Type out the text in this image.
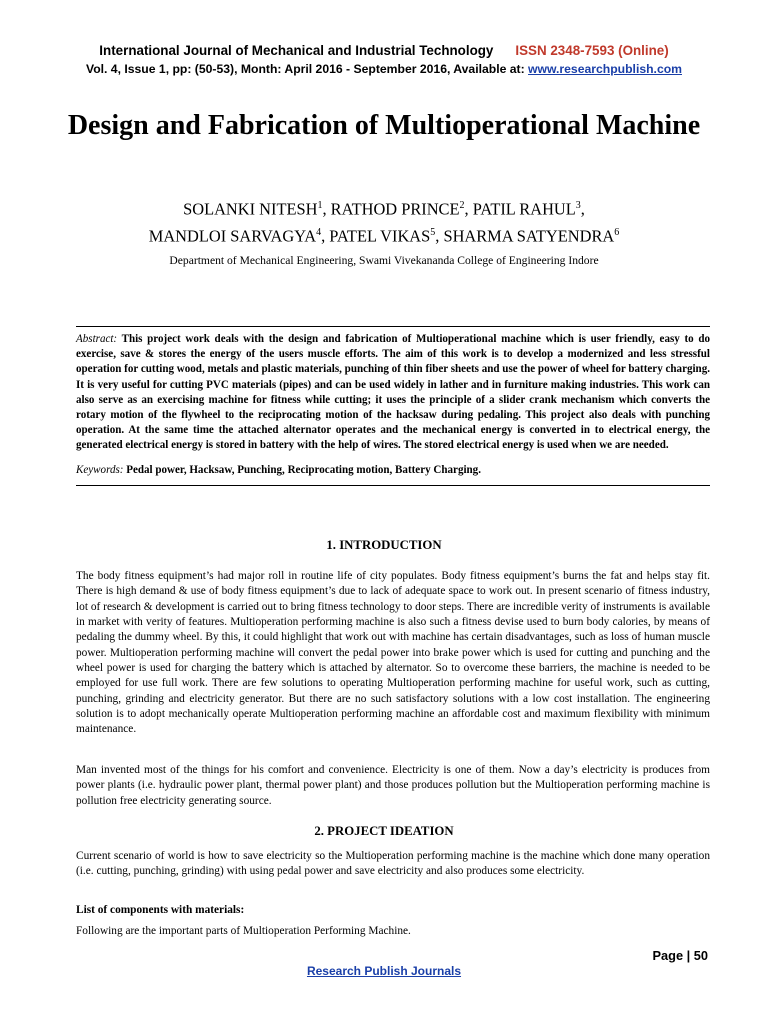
International Journal of Mechanical and Industrial Technology ISSN 2348-7593 (Online)
Vol. 4, Issue 1, pp: (50-53), Month: April 2016 - September 2016, Available at: www.researchpublish.com
Design and Fabrication of Multioperational Machine
SOLANKI NITESH$^1$, RATHOD PRINCE$^2$, PATIL RAHUL$^3$,
MANDLOI SARVAGYA$^4$, PATEL VIKAS$^5$, SHARMA SATYENDRA$^6$
Department of Mechanical Engineering, Swami Vivekananda College of Engineering Indore

Abstract: This project work deals with the design and fabrication of Multioperational machine which is user friendly, easy to do exercise, save & stores the energy of the users muscle efforts. The aim of this work is to develop a modernized and less stressful operation for cutting wood, metals and plastic materials, punching of thin fiber sheets and use the power of wheel for battery charging. It is very useful for cutting PVC materials (pipes) and can be used widely in lather and in furniture making industries. This work can also serve as an exercising machine for fitness while cutting; it uses the principle of a slider crank mechanism which converts the rotary motion of the flywheel to the reciprocating motion of the hacksaw during pedaling. This project also deals with punching operation. At the same time the attached alternator operates and the mechanical energy is converted in to electrical energy, the generated electrical energy is stored in battery with the help of wires. The stored electrical energy is used when we are needed.

Keywords: Pedal power, Hacksaw, Punching, Reciprocating motion, Battery Charging.

1. INTRODUCTION

The body fitness equipment’s had major roll in routine life of city populates. Body fitness equipment’s burns the fat and helps stay fit. There is high demand & use of body fitness equipment’s due to lack of adequate space to work out. In present scenario of fitness industry, lot of research & development is carried out to bring fitness technology to door steps. There are incredible verity of instruments is available in market with verity of features. Multioperation performing machine is also such a fitness devise used to burn body calories, by means of pedaling the dummy wheel. By this, it could highlight that work out with machine has certain disadvantages, such as loss of human muscle power. Multioperation performing machine will convert the pedal power into brake power which is used for cutting and punching and the wheel power is used for charging the battery which is attached by alternator. So to overcome these barriers, the machine is needed to be employed for use full work. There are few solutions to operating Multioperation performing machine for useful work, such as cutting, punching, grinding and electricity generator. But there are no such satisfactory solutions with a low cost installation. The engineering solution is to adopt mechanically operate Multioperation performing machine an affordable cost and maximum flexibility with minimum maintenance.

Man invented most of the things for his comfort and convenience. Electricity is one of them. Now a day’s electricity is produces from power plants (i.e. hydraulic power plant, thermal power plant) and those produces pollution but the Multioperation performing machine is pollution free electricity generating source.

2. PROJECT IDEATION

Current scenario of world is how to save electricity so the Multioperation performing machine is the machine which done many operation (i.e. cutting, punching, grinding) with using pedal power and save electricity and also produces some electricity.

List of components with materials:
Following are the important parts of Multioperation Performing Machine.
Page | 50
Research Publish Journals
